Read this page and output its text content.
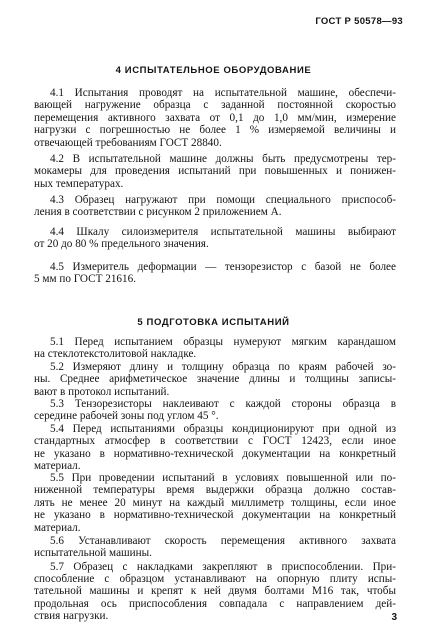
ГОСТ Р 50578—93
4 ИСПЫТАТЕЛЬНОЕ ОБОРУДОВАНИЕ
4.1 Испытания проводят на испытательной машине, обеспечи-
вающей нагружение образца с заданной постоянной скоростью
перемещения активного захвата от 0,1 до 1,0 мм/мин, измерение
нагрузки с погрешностью не более 1 % измеряемой величины и
отвечающей требованиям ГОСТ 28840.
4.2 В испытательной машине должны быть предусмотрены тер-
мокамеры для проведения испытаний при повышенных и понижен-
ных температурах.
4.3 Образец нагружают при помощи специального приспособ-
ления в соответствии с рисунком 2 приложением А.
4.4 Шкалу силоизмерителя испытательной машины выбирают
от 20 до 80 % предельного значения.
4.5 Измеритель деформации — тензорезистор с базой не более
5 мм по ГОСТ 21616.
5 ПОДГОТОВКА ИСПЫТАНИЙ
5.1 Перед испытанием образцы нумеруют мягким карандашом
на стеклотекстолитовой накладке.
5.2 Измеряют длину и толщину образца по краям рабочей зо-
ны. Среднее арифметическое значение длины и толщины записы-
вают в протокол испытаний.
5.3 Тензорезисторы наклеивают с каждой стороны образца в
середине рабочей зоны под углом 45 °.
5.4 Перед испытаниями образцы кондиционируют при одной из
стандартных атмосфер в соответствии с ГОСТ 12423, если иное
не указано в нормативно-технической документации на конкретный
материал.
5.5 При проведении испытаний в условиях повышенной или по-
ниженной температуры время выдержки образца должно состав-
лять не менее 20 минут на каждый миллиметр толщины, если иное
не указано в нормативно-технической документации на конкретный
материал.
5.6 Устанавливают скорость перемещения активного захвата
испытательной машины.
5.7 Образец с накладками закрепляют в приспособлении. При-
способление с образцом устанавливают на опорную плиту испы-
тательной машины и крепят к ней двумя болтами М16 так, чтобы
продольная ось приспособления совпадала с направлением дей-
ствия нагрузки.	3
